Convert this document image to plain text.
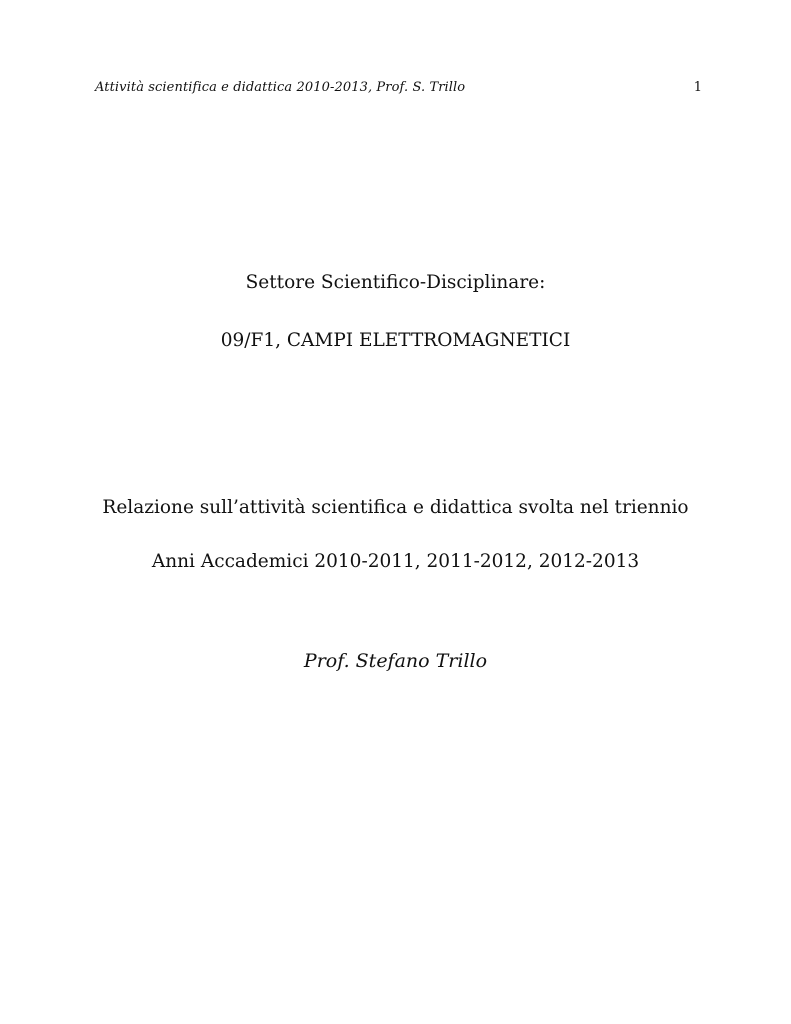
Attività scientifica e didattica 2010-2013, Prof. S. Trillo	1
Settore Scientifico-Disciplinare:
09/F1, CAMPI ELETTROMAGNETICI
Relazione sull’attività scientifica e didattica svolta nel triennio
Anni Accademici 2010-2011, 2011-2012, 2012-2013
Prof. Stefano Trillo
